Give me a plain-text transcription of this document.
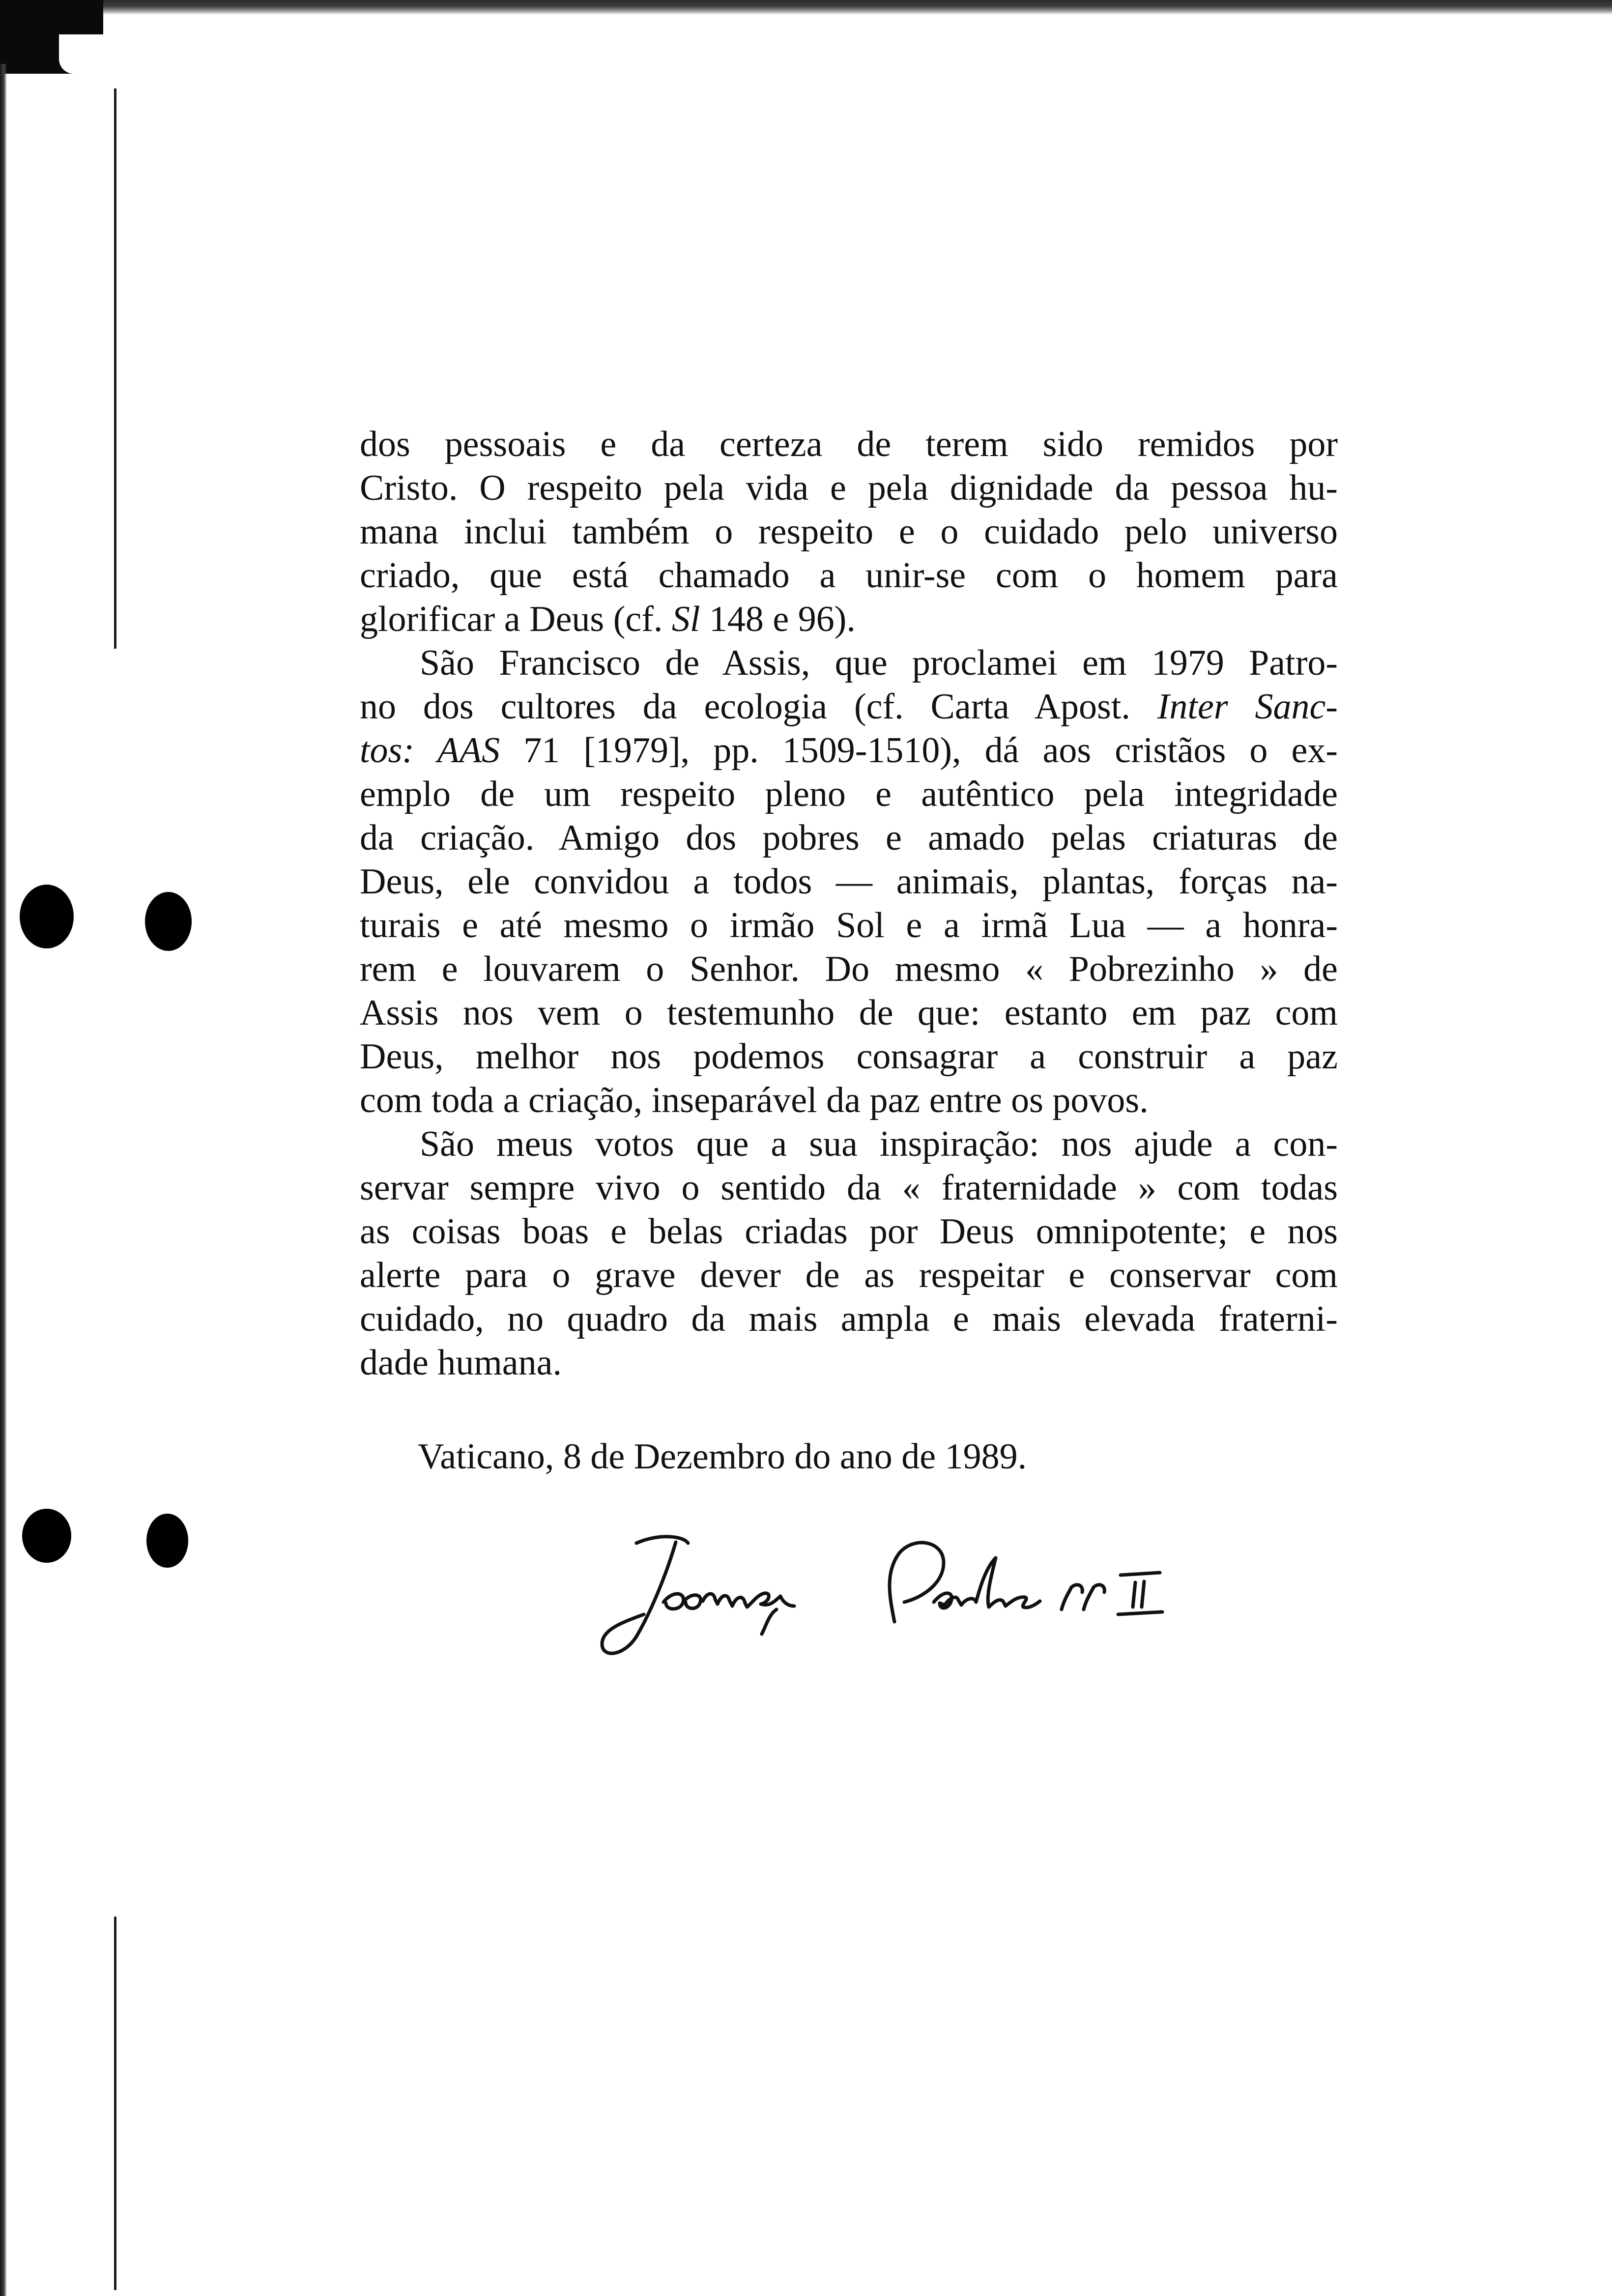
dos pessoais e da certeza de terem sido remidos por
Cristo. O respeito pela vida e pela dignidade da pessoa hu-
mana inclui também o respeito e o cuidado pelo universo
criado, que está chamado a unir-se com o homem para
glorificar a Deus (cf. Sl 148 e 96).
São Francisco de Assis, que proclamei em 1979 Patro-
no dos cultores da ecologia (cf. Carta Apost. Inter Sanc-
tos: AAS 71 [1979], pp. 1509-1510), dá aos cristãos o ex-
emplo de um respeito pleno e autêntico pela integridade
da criação. Amigo dos pobres e amado pelas criaturas de
Deus, ele convidou a todos — animais, plantas, forças na-
turais e até mesmo o irmão Sol e a irmã Lua — a honra-
rem e louvarem o Senhor. Do mesmo « Pobrezinho » de
Assis nos vem o testemunho de que: estanto em paz com
Deus, melhor nos podemos consagrar a construir a paz
com toda a criação, inseparável da paz entre os povos.
São meus votos que a sua inspiração: nos ajude a con-
servar sempre vivo o sentido da « fraternidade » com todas
as coisas boas e belas criadas por Deus omnipotente; e nos
alerte para o grave dever de as respeitar e conservar com
cuidado, no quadro da mais ampla e mais elevada fraterni-
dade humana.
Vaticano, 8 de Dezembro do ano de 1989.
